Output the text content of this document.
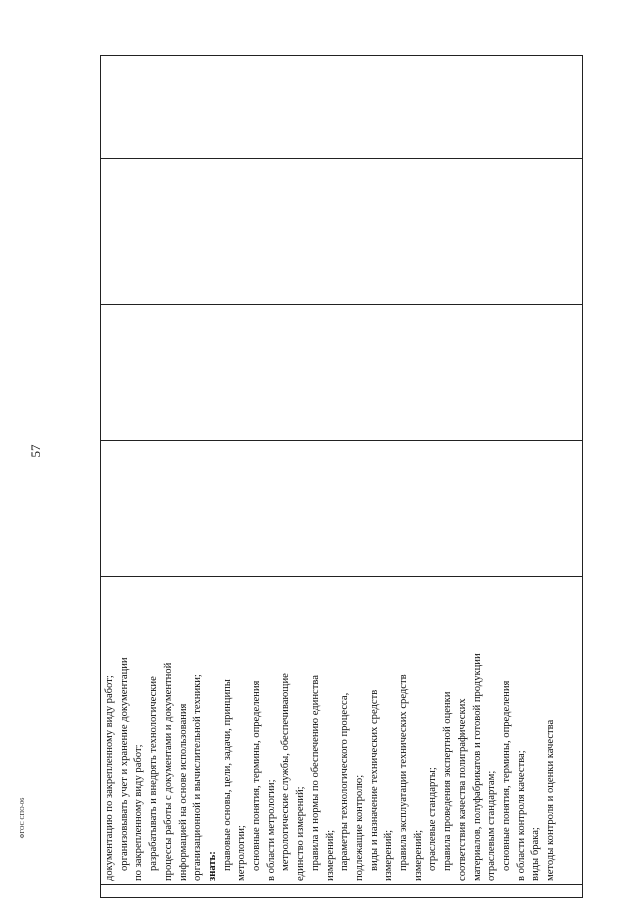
57

документацию по закрепленному виду работ; организовывать учет и хранение документации по закрепленному виду работ; разрабатывать и внедрять технологические процессы работы с документами и документной информацией на основе использования организационной и вычислительной техники; знать: правовые основы, цели, задачи, принципы метрологии; основные понятия, термины, определения в области метрологии; метрологические службы, обеспечивающие единство измерений; правила и нормы по обеспечению единства измерений; параметры технологического процесса, подлежащие контролю; виды и назначение технических средств измерений; правила эксплуатации технических средств измерений; отраслевые стандарты; правила проведения экспертной оценки соответствия качества полиграфических материалов, полуфабрикатов и готовой продукции отраслевым стандартам; основные понятия, термины, определения в области контроля качества; виды брака; методы контроля и оценки качества

ФГОС СПО-06
